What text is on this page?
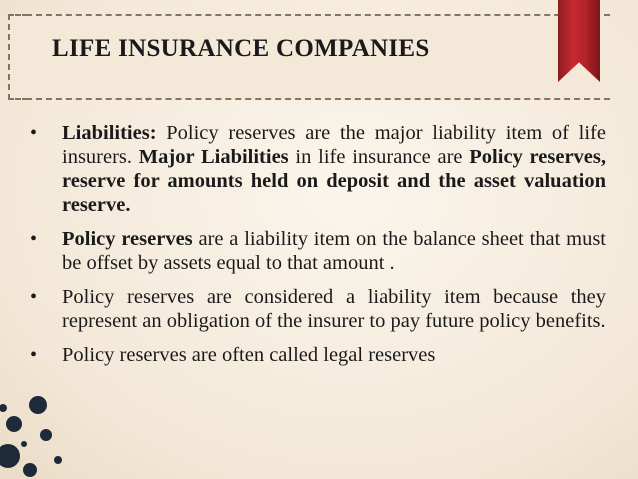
LIFE INSURANCE COMPANIES
• Liabilities: Policy reserves are the major liability item of life insurers. Major Liabilities in life insurance are Policy reserves, reserve for amounts held on deposit and the asset valuation reserve.
• Policy reserves are a liability item on the balance sheet that must be offset by assets equal to that amount .
• Policy reserves are considered a liability item because they represent an obligation of the insurer to pay future policy benefits.
• Policy reserves are often called legal reserves
